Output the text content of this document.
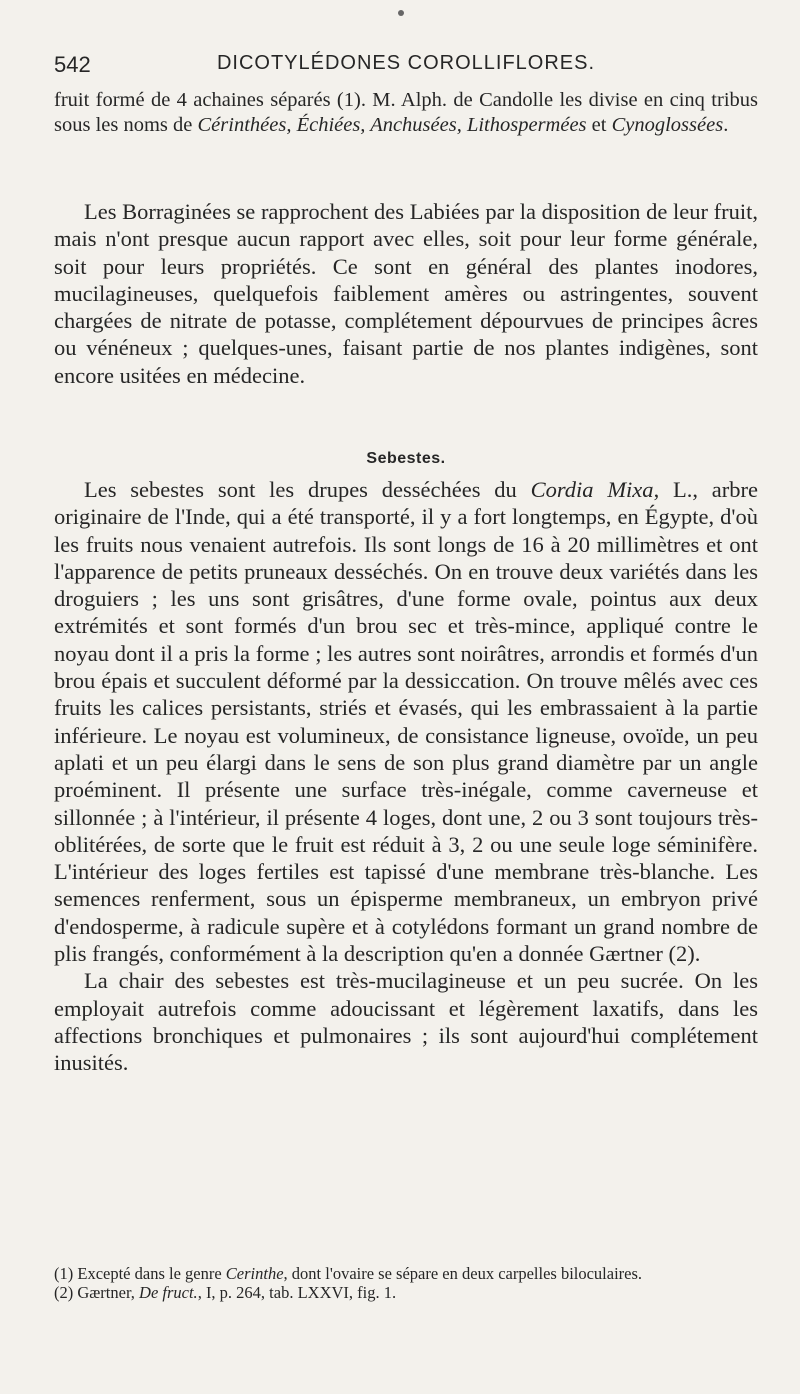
542	DICOTYLÉDONES COROLLIFLORES.

fruit formé de 4 achaines séparés (1). M. Alph. de Candolle les divise en cinq tribus sous les noms de Cérinthées, Échiées, Anchusées, Lithospermées et Cynoglossées.

Les Borraginées se rapprochent des Labiées par la disposition de leur fruit, mais n'ont presque aucun rapport avec elles, soit pour leur forme générale, soit pour leurs propriétés. Ce sont en général des plantes inodores, mucilagineuses, quelquefois faiblement amères ou astringentes, souvent chargées de nitrate de potasse, complétement dépourvues de principes âcres ou vénéneux ; quelques-unes, faisant partie de nos plantes indigènes, sont encore usitées en médecine.

Sebestes.

Les sebestes sont les drupes desséchées du Cordia Mixa, L., arbre originaire de l'Inde, qui a été transporté, il y a fort longtemps, en Égypte, d'où les fruits nous venaient autrefois. Ils sont longs de 16 à 20 millimètres et ont l'apparence de petits pruneaux desséchés. On en trouve deux variétés dans les droguiers ; les uns sont grisâtres, d'une forme ovale, pointus aux deux extrémités et sont formés d'un brou sec et très-mince, appliqué contre le noyau dont il a pris la forme ; les autres sont noirâtres, arrondis et formés d'un brou épais et succulent déformé par la dessiccation. On trouve mêlés avec ces fruits les calices persistants, striés et évasés, qui les embrassaient à la partie inférieure. Le noyau est volumineux, de consistance ligneuse, ovoïde, un peu aplati et un peu élargi dans le sens de son plus grand diamètre par un angle proéminent. Il présente une surface très-inégale, comme caverneuse et sillonnée ; à l'intérieur, il présente 4 loges, dont une, 2 ou 3 sont toujours très-oblitérées, de sorte que le fruit est réduit à 3, 2 ou une seule loge séminifère. L'intérieur des loges fertiles est tapissé d'une membrane très-blanche. Les semences renferment, sous un épisperme membraneux, un embryon privé d'endosperme, à radicule supère et à cotylédons formant un grand nombre de plis frangés, conformément à la description qu'en a donnée Gærtner (2).

La chair des sebestes est très-mucilagineuse et un peu sucrée. On les employait autrefois comme adoucissant et légèrement laxatifs, dans les affections bronchiques et pulmonaires ; ils sont aujourd'hui complétement inusités.

(1) Excepté dans le genre Cerinthe, dont l'ovaire se sépare en deux carpelles biloculaires.

(2) Gærtner, De fruct., I, p. 264, tab. LXXVI, fig. 1.
